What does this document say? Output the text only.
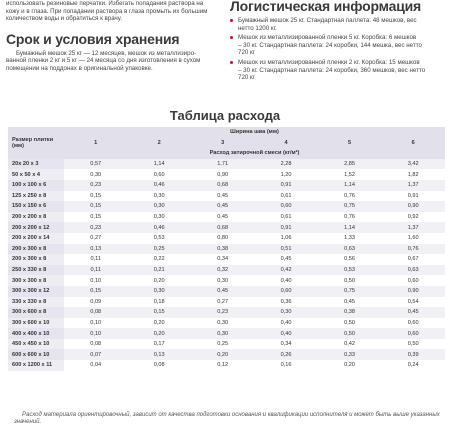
использовать резиновые перчатки. Избегать попадания раствора на
кожу и в глаза. При попадании раствора в глаза промыть их большим
количеством воды и обратиться к врачу.
Срок и условия хранения
Бумажный мешок 25 кг — 12 месяцев, мешок из металлизиро-
ванной пленки 2 кг и 5 кг — 24 месяца со дня изготовления в сухом
помещении на поддонах в оригинальной упаковке.
Логистическая информация
Бумажный мешок 25 кг. Стандартная паллета: 48 мешков, вес
нетто 1200 кг.
Мешок из металлизированной пленки 5 кг. Коробка: 6 мешков
– 30 кг. Стандартная паллета: 24 коробки, 144 мешка, вес нетто
720 кг
Мешок из металлизированной пленки 2 кг. Коробка: 15 мешков
– 30 кг. Стандартная паллета: 24 коробки, 360 мешков, вес нетто
720 кг
Таблица расхода
Размер плитки (мм)	Ширина шва (мм)					
	1	2	3	4	5	6
	Расход затирочной смеси (кг/м²)					
20х 20 х 3	0,57	1,14	1,71	2,28	2,85	3,42
50 х 50 х 4	0,30	0,60	0,90	1,20	1,52	1,82
100 х 100 х 6	0,23	0,46	0,68	0,91	1,14	1,37
125 х 250 х 8	0,15	0,30	0,45	0,61	0,76	0,91
150 х 150 х 6	0,15	0,30	0,45	0,60	0,75	0,90
200 х 200 х 8	0,15	0,30	0,45	0,61	0,76	0,92
200 х 200 х 12	0,23	0,46	0,68	0,91	1,14	1,37
200 х 200 х 14	0,27	0,53	0,80	1,06	1,33	1,60
200 х 300 х 8	0,13	0,25	0,38	0,51	0,63	0,76
200 х 300 х 8	0,11	0,22	0,34	0,45	0,56	0,67
250 х 330 х 8	0,11	0,21	0,32	0,42	0,53	0,63
300 х 300 х 8	0,10	0,20	0,30	0,40	0,50	0,60
300 х 300 х 12	0,15	0,30	0,45	0,60	0,75	0,90
330 х 330 х 8	0,09	0,18	0,27	0,36	0,45	0,54
300 х 600 х 8	0,08	0,15	0,23	0,30	0,38	0,45
300 х 600 х 10	0,10	0,20	0,30	0,40	0,50	0,60
400 х 400 х 10	0,10	0,20	0,30	0,40	0,50	0,60
450 х 450 х 10	0,08	0,17	0,25	0,34	0,42	0,50
600 х 600 х 10	0,07	0,13	0,20	0,26	0,33	0,39
600 х 1200 х 11	0,04	0,08	0,12	0,16	0,20	0,24
Расход материала ориентировочный, зависит от качества подготовки основания и квалификации исполнителя и может быть выше указанных
значений.
